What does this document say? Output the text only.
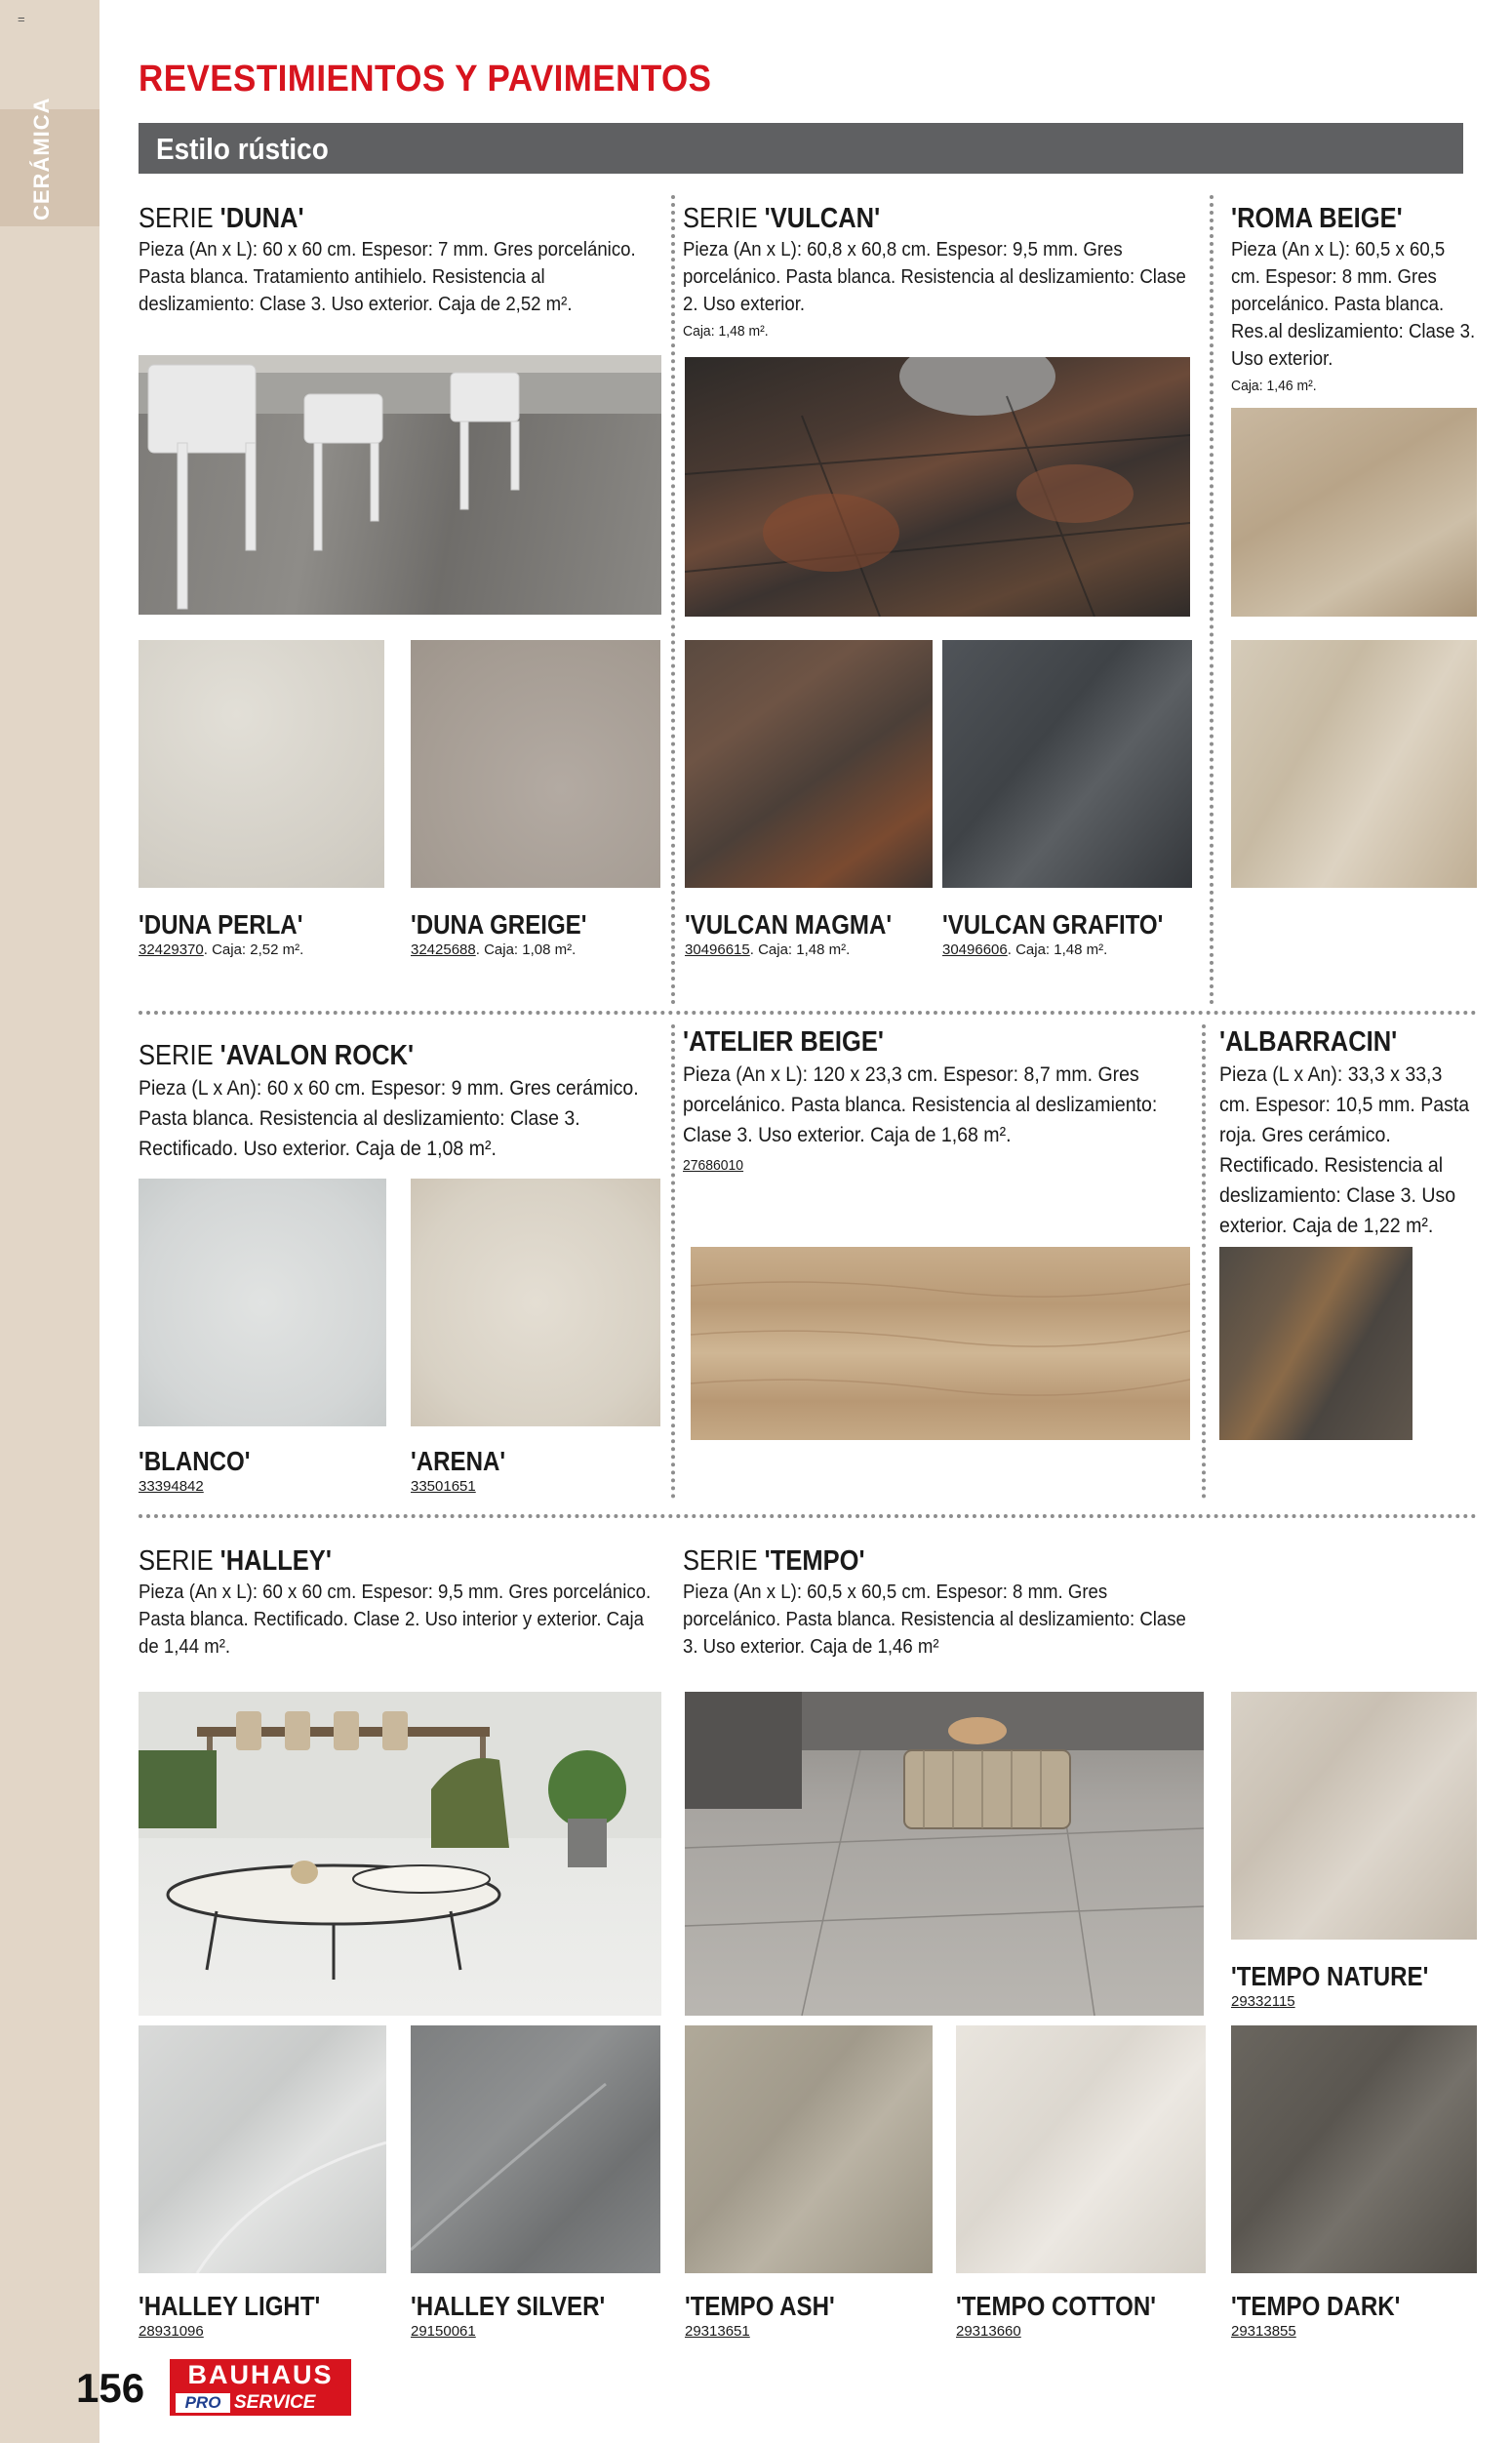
=
CERÁMICA
REVESTIMIENTOS Y PAVIMENTOS
Estilo rústico
SERIE 'DUNA'

Pieza (An x L): 60 x 60 cm. Espesor: 7 mm. Gres porcelánico. Pasta blanca. Tratamiento antihielo. Resistencia al deslizamiento: Clase 3. Uso exterior. Caja de 2,52 m².

'DUNA PERLA'
32429370. Caja: 2,52 m².
'DUNA GREIGE'
32425688. Caja: 1,08 m².
SERIE 'VULCAN'

Pieza (An x L): 60,8 x 60,8 cm. Espesor: 9,5 mm. Gres porcelánico. Pasta blanca. Resistencia al deslizamiento: Clase 2. Uso exterior.

Caja: 1,48 m².

'VULCAN MAGMA'
30496615. Caja: 1,48 m².
'VULCAN GRAFITO'
30496606. Caja: 1,48 m².
'ROMA BEIGE'

Pieza (An x L): 60,5 x 60,5 cm. Espesor: 8 mm. Gres porcelánico. Pasta blanca. Res.al deslizamiento: Clase 3. Uso exterior.

Caja: 1,46 m².

SERIE 'AVALON ROCK'

Pieza (L x An): 60 x 60 cm. Espesor: 9 mm. Gres cerámico. Pasta blanca. Resistencia al deslizamiento: Clase 3. Rectificado. Uso exterior. Caja de 1,08 m².

'BLANCO'
33394842
'ARENA'
33501651
'ATELIER BEIGE'

Pieza (An x L): 120 x 23,3 cm. Espesor: 8,7 mm. Gres porcelánico. Pasta blanca. Resistencia al deslizamiento: Clase 3. Uso exterior. Caja de 1,68 m².

27686010

'ALBARRACIN'

Pieza (L x An): 33,3 x 33,3 cm. Espesor: 10,5 mm. Pasta roja. Gres cerámico. Rectificado. Resistencia al deslizamiento: Clase 3. Uso exterior. Caja de 1,22 m².

SERIE 'HALLEY'

Pieza (An x L): 60 x 60 cm. Espesor: 9,5 mm. Gres porcelánico. Pasta blanca. Rectificado. Clase 2. Uso interior y exterior. Caja de 1,44 m².

'HALLEY LIGHT'
28931096
'HALLEY SILVER'
29150061
SERIE 'TEMPO'

Pieza (An x L): 60,5 x 60,5 cm. Espesor: 8 mm. Gres porcelánico. Pasta blanca. Resistencia al deslizamiento: Clase 3. Uso exterior. Caja de 1,46 m²

'TEMPO NATURE'
29332115
'TEMPO ASH'
29313651
'TEMPO COTTON'
29313660
'TEMPO DARK'
29313855
156	BAUHAUS
PRO SERVICE
